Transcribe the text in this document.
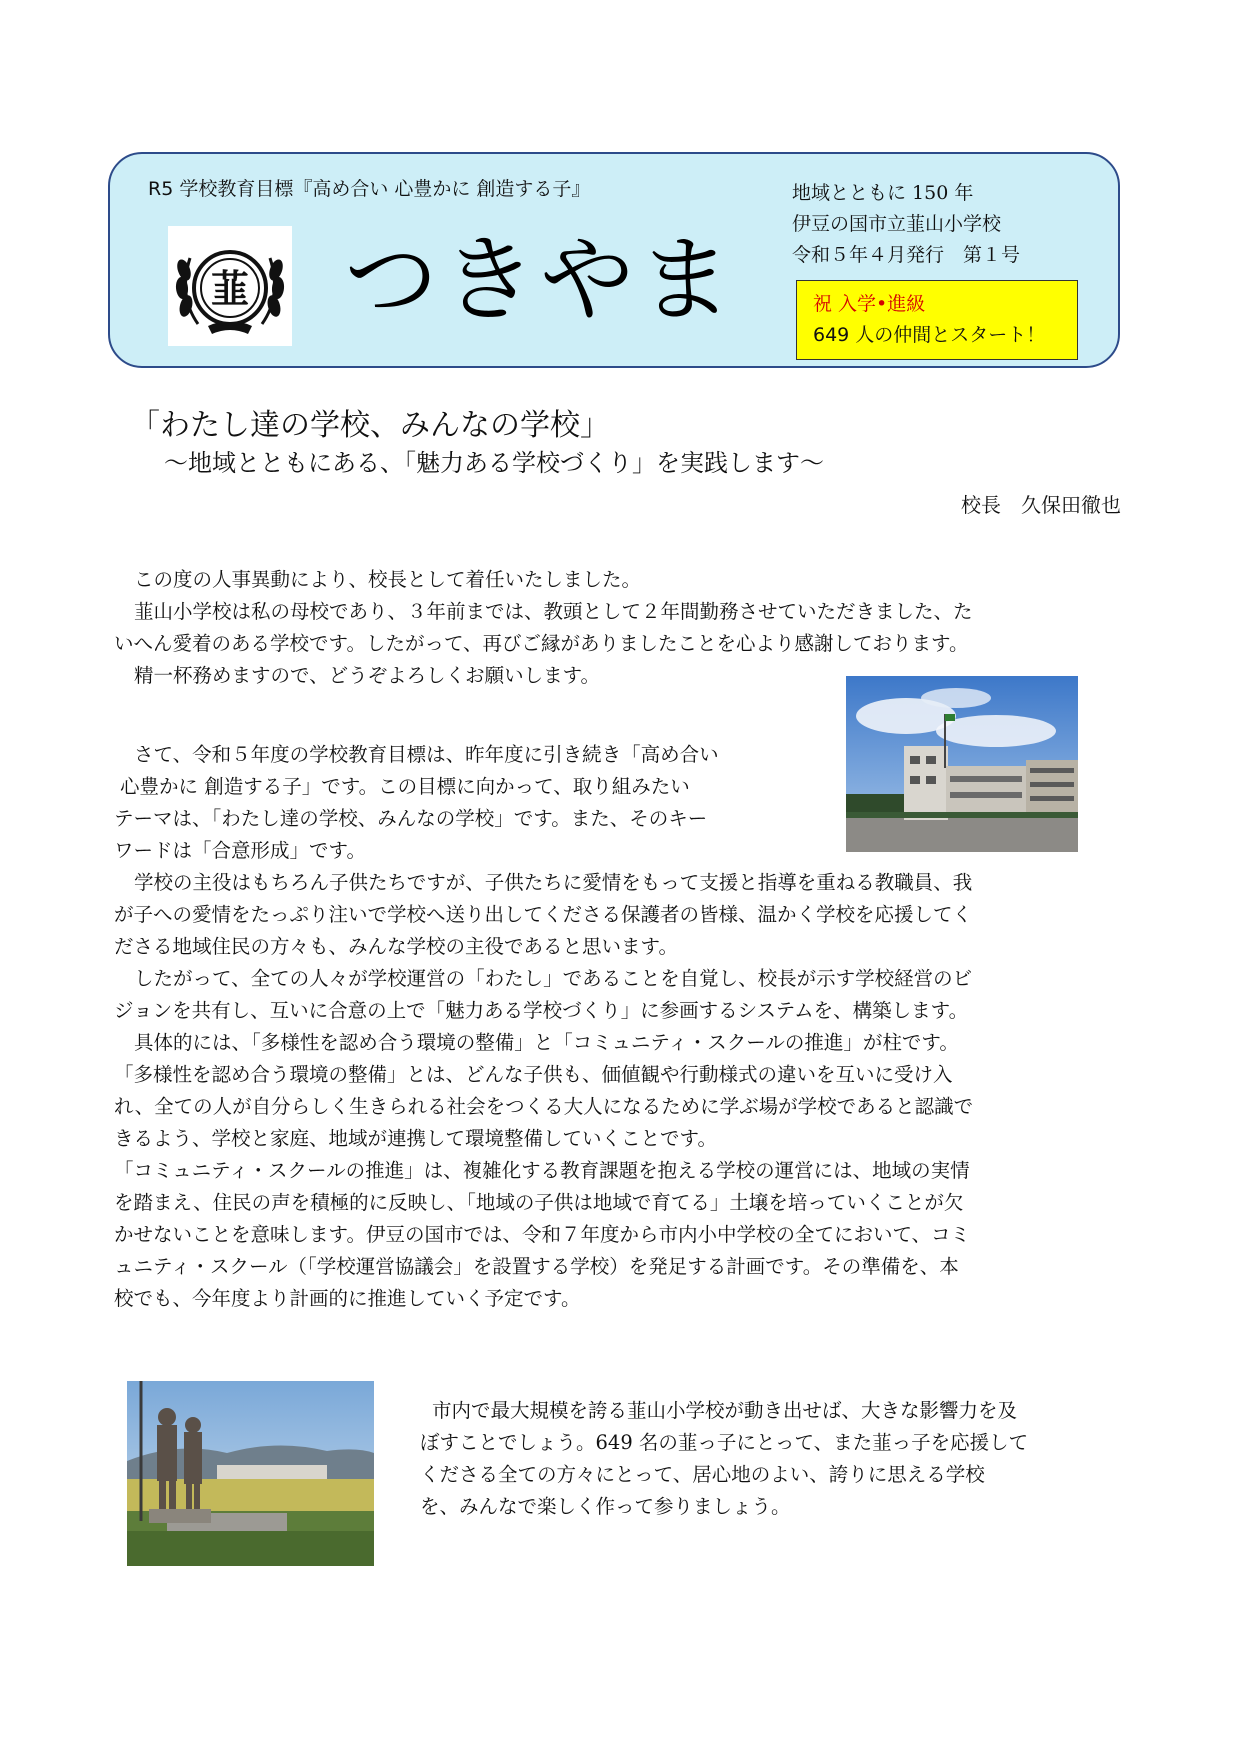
R5 学校教育目標『高め合い 心豊かに 創造する子』
韮 つきやま
地域とともに 150 年
伊豆の国市立韮山小学校
令和５年４月発行　第１号
祝 入学•進級
649 人の仲間とスタート！
「わたし達の学校、みんなの学校」
～地域とともにある、「魅力ある学校づくり」を実践します～
校長　久保田徹也
この度の人事異動により、校長として着任いたしました。
韮山小学校は私の母校であり、３年前までは、教頭として２年間勤務させていただきました、た
いへん愛着のある学校です。したがって、再びご縁がありましたことを心より感謝しております。
精一杯務めますので、どうぞよろしくお願いします。
さて、令和５年度の学校教育目標は、昨年度に引き続き「高め合い
心豊かに 創造する子」です。この目標に向かって、取り組みたい
テーマは、「わたし達の学校、みんなの学校」です。また、そのキー
ワードは「合意形成」です。
学校の主役はもちろん子供たちですが、子供たちに愛情をもって支援と指導を重ねる教職員、我
が子への愛情をたっぷり注いで学校へ送り出してくださる保護者の皆様、温かく学校を応援してく
ださる地域住民の方々も、みんな学校の主役であると思います。
したがって、全ての人々が学校運営の「わたし」であることを自覚し、校長が示す学校経営のビ
ジョンを共有し、互いに合意の上で「魅力ある学校づくり」に参画するシステムを、構築します。
具体的には、「多様性を認め合う環境の整備」と「コミュニティ・スクールの推進」が柱です。
「多様性を認め合う環境の整備」とは、どんな子供も、価値観や行動様式の違いを互いに受け入
れ、全ての人が自分らしく生きられる社会をつくる大人になるために学ぶ場が学校であると認識で
きるよう、学校と家庭、地域が連携して環境整備していくことです。
「コミュニティ・スクールの推進」は、複雑化する教育課題を抱える学校の運営には、地域の実情
を踏まえ、住民の声を積極的に反映し、「地域の子供は地域で育てる」土壌を培っていくことが欠
かせないことを意味します。伊豆の国市では、令和７年度から市内小中学校の全てにおいて、コミ
ュニティ・スクール（「学校運営協議会」を設置する学校）を発足する計画です。その準備を、本
校でも、今年度より計画的に推進していく予定です。
市内で最大規模を誇る韮山小学校が動き出せば、大きな影響力を及
ぼすことでしょう。649 名の韮っ子にとって、また韮っ子を応援して
くださる全ての方々にとって、居心地のよい、誇りに思える学校
を、みんなで楽しく作って参りましょう。
